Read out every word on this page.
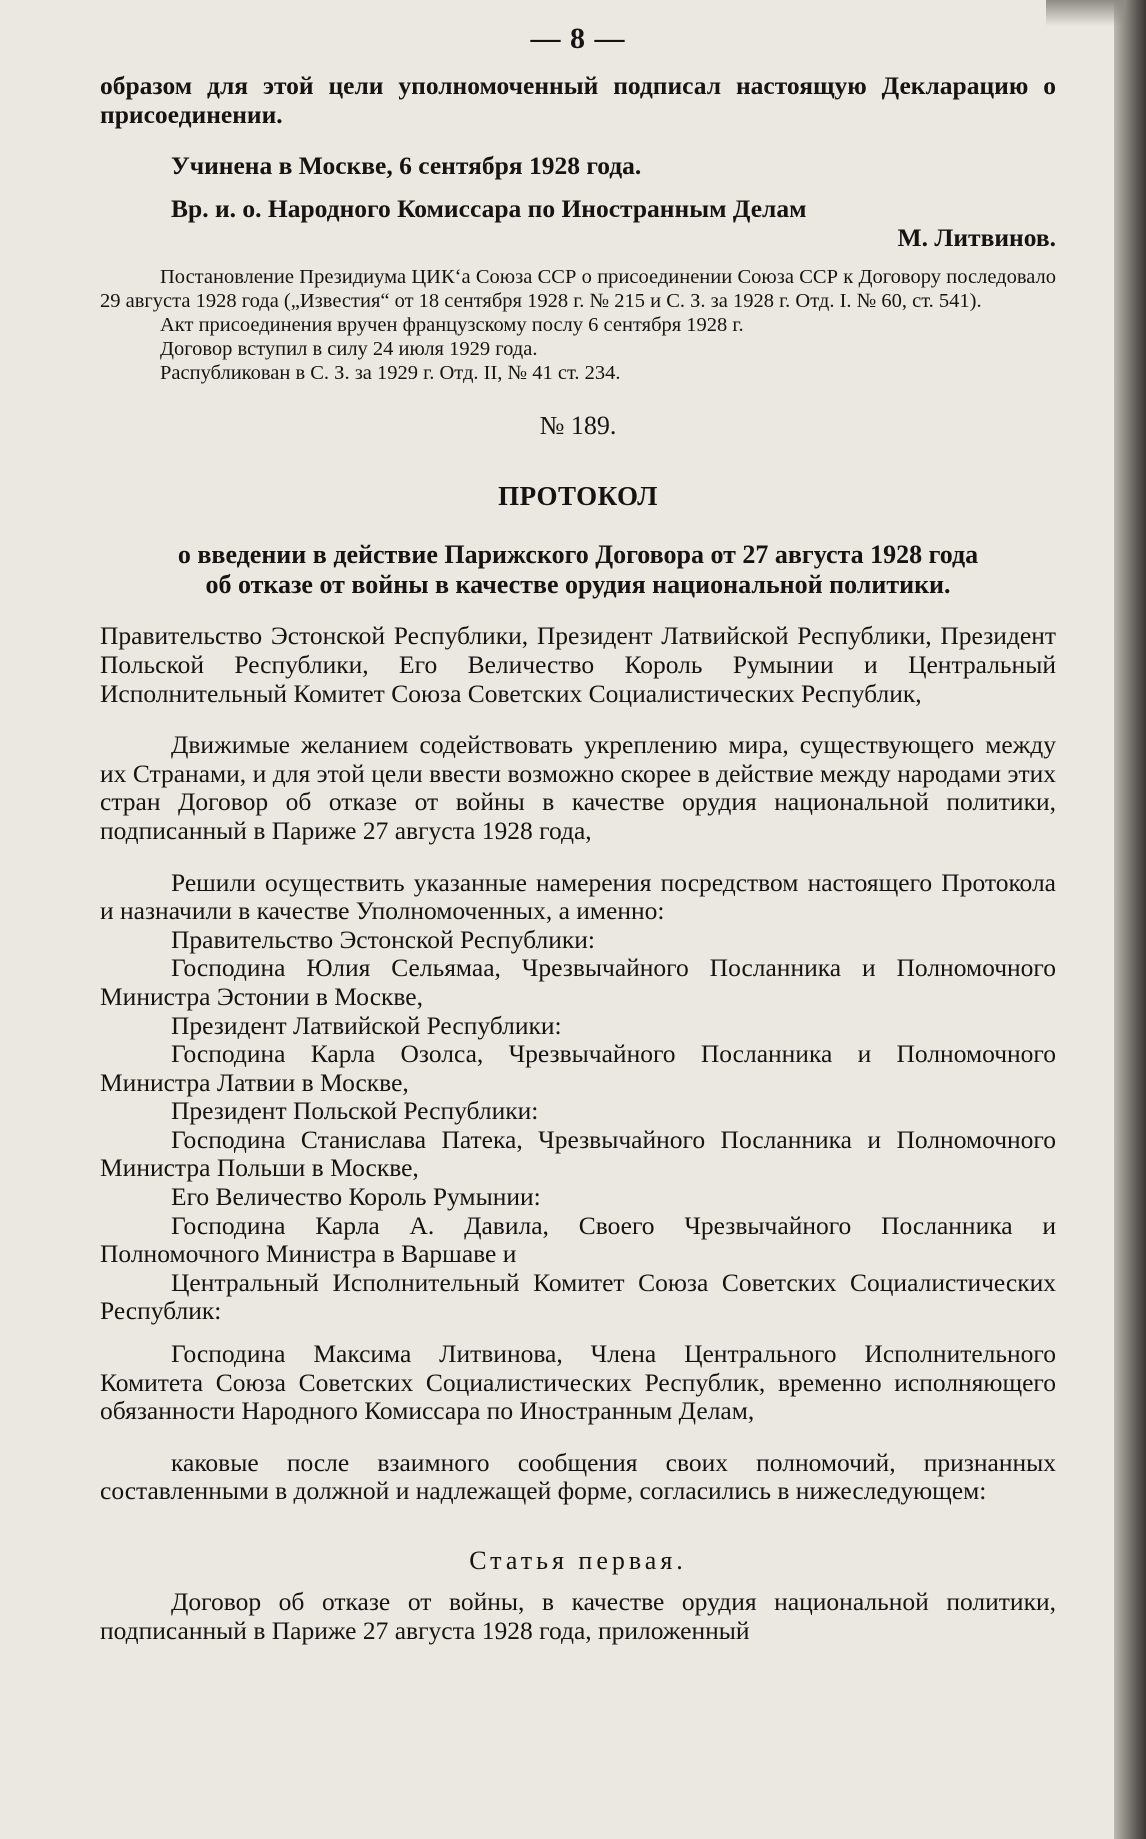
— 8 —

образом для этой цели уполномоченный подписал настоящую Декларацию о присоединении.

Учинена в Москве, 6 сентября 1928 года.

Вр. и. о. Народного Комиссара по Иностранным Делам

М. Литвинов.

Постановление Президиума ЦИК‘а Союза ССР о присоединении Союза ССР к Договору последовало 29 августа 1928 года („Известия“ от 18 сентября 1928 г. № 215 и С. З. за 1928 г. Отд. I. № 60, ст. 541).

Акт присоединения вручен французскому послу 6 сентября 1928 г.

Договор вступил в силу 24 июля 1929 года.

Распубликован в С. З. за 1929 г. Отд. II, № 41 ст. 234.

№ 189.

ПРОТОКОЛ

о введении в действие Парижского Договора от 27 августа 1928 года

об отказе от войны в качестве орудия национальной политики.

Правительство Эстонской Республики, Президент Латвийской Республики, Президент Польской Республики, Его Величество Король Румынии и Центральный Исполнительный Комитет Союза Советских Социалистических Республик,

Движимые желанием содействовать укреплению мира, существующего между их Странами, и для этой цели ввести возможно скорее в действие между народами этих стран Договор об отказе от войны в качестве орудия национальной политики, подписанный в Париже 27 августа 1928 года,

Решили осуществить указанные намерения посредством настоящего Протокола и назначили в качестве Уполномоченных, а именно:

Правительство Эстонской Республики:

Господина Юлия Сельямаа, Чрезвычайного Посланника и Полномочного Министра Эстонии в Москве,

Президент Латвийской Республики:

Господина Карла Озолса, Чрезвычайного Посланника и Полномочного Министра Латвии в Москве,

Президент Польской Республики:

Господина Станислава Патека, Чрезвычайного Посланника и Полномочного Министра Польши в Москве,

Его Величество Король Румынии:

Господина Карла А. Давила, Своего Чрезвычайного Посланника и Полномочного Министра в Варшаве и

Центральный Исполнительный Комитет Союза Советских Социалистических Республик:

Господина Максима Литвинова, Члена Центрального Исполнительного Комитета Союза Советских Социалистических Республик, временно исполняющего обязанности Народного Комиссара по Иностранным Делам,

каковые после взаимного сообщения своих полномочий, признанных составленными в должной и надлежащей форме, согласились в нижеследующем:

Статья первая.

Договор об отказе от войны, в качестве орудия национальной политики, подписанный в Париже 27 августа 1928 года, приложенный
